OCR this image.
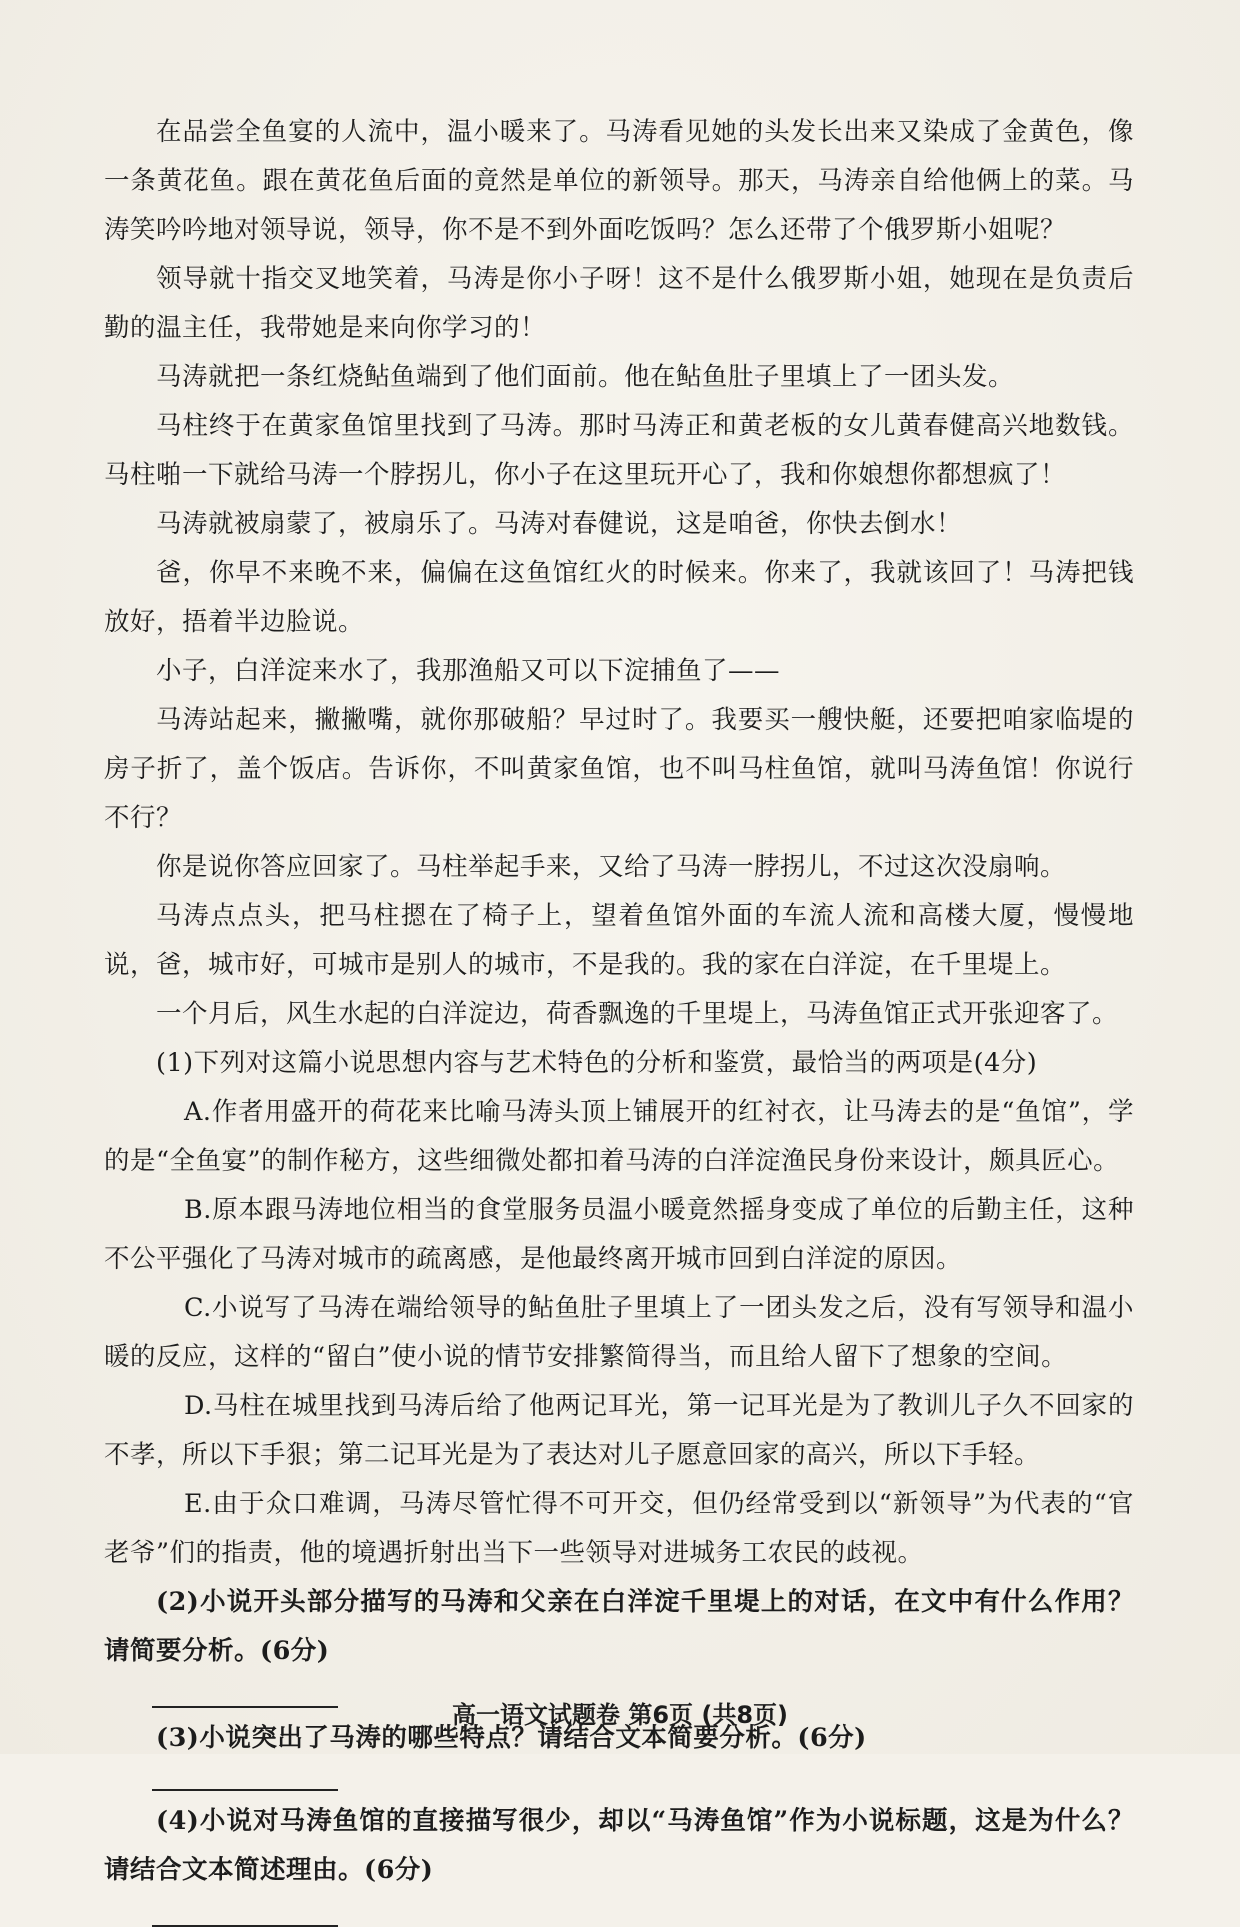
在品尝全鱼宴的人流中，温小暖来了。马涛看见她的头发长出来又染成了金黄色，像一条黄花鱼。跟在黄花鱼后面的竟然是单位的新领导。那天，马涛亲自给他俩上的菜。马涛笑吟吟地对领导说，领导，你不是不到外面吃饭吗？怎么还带了个俄罗斯小姐呢？

领导就十指交叉地笑着，马涛是你小子呀！这不是什么俄罗斯小姐，她现在是负责后勤的温主任，我带她是来向你学习的！

马涛就把一条红烧鲇鱼端到了他们面前。他在鲇鱼肚子里填上了一团头发。

马柱终于在黄家鱼馆里找到了马涛。那时马涛正和黄老板的女儿黄春健高兴地数钱。马柱啪一下就给马涛一个脖拐儿，你小子在这里玩开心了，我和你娘想你都想疯了！

马涛就被扇蒙了，被扇乐了。马涛对春健说，这是咱爸，你快去倒水！

爸，你早不来晚不来，偏偏在这鱼馆红火的时候来。你来了，我就该回了！马涛把钱放好，捂着半边脸说。

小子，白洋淀来水了，我那渔船又可以下淀捕鱼了——

马涛站起来，撇撇嘴，就你那破船？早过时了。我要买一艘快艇，还要把咱家临堤的房子折了，盖个饭店。告诉你，不叫黄家鱼馆，也不叫马柱鱼馆，就叫马涛鱼馆！你说行不行？

你是说你答应回家了。马柱举起手来，又给了马涛一脖拐儿，不过这次没扇响。

马涛点点头，把马柱摁在了椅子上，望着鱼馆外面的车流人流和高楼大厦，慢慢地说，爸，城市好，可城市是别人的城市，不是我的。我的家在白洋淀，在千里堤上。

一个月后，风生水起的白洋淀边，荷香飘逸的千里堤上，马涛鱼馆正式开张迎客了。

(1)下列对这篇小说思想内容与艺术特色的分析和鉴赏，最恰当的两项是(4分)

A.作者用盛开的荷花来比喻马涛头顶上铺展开的红衬衣，让马涛去的是“鱼馆”，学的是“全鱼宴”的制作秘方，这些细微处都扣着马涛的白洋淀渔民身份来设计，颇具匠心。

B.原本跟马涛地位相当的食堂服务员温小暖竟然摇身变成了单位的后勤主任，这种不公平强化了马涛对城市的疏离感，是他最终离开城市回到白洋淀的原因。

C.小说写了马涛在端给领导的鲇鱼肚子里填上了一团头发之后，没有写领导和温小暖的反应，这样的“留白”使小说的情节安排繁简得当，而且给人留下了想象的空间。

D.马柱在城里找到马涛后给了他两记耳光，第一记耳光是为了教训儿子久不回家的不孝，所以下手狠；第二记耳光是为了表达对儿子愿意回家的高兴，所以下手轻。

E.由于众口难调，马涛尽管忙得不可开交，但仍经常受到以“新领导”为代表的“官老爷”们的指责，他的境遇折射出当下一些领导对进城务工农民的歧视。

(2)小说开头部分描写的马涛和父亲在白洋淀千里堤上的对话，在文中有什么作用？请简要分析。(6分)

(3)小说突出了马涛的哪些特点？请结合文本简要分析。(6分)

(4)小说对马涛鱼馆的直接描写很少，却以“马涛鱼馆”作为小说标题，这是为什么？请结合文本简述理由。(6分)

高一语文试题卷 第6页 (共8页)
